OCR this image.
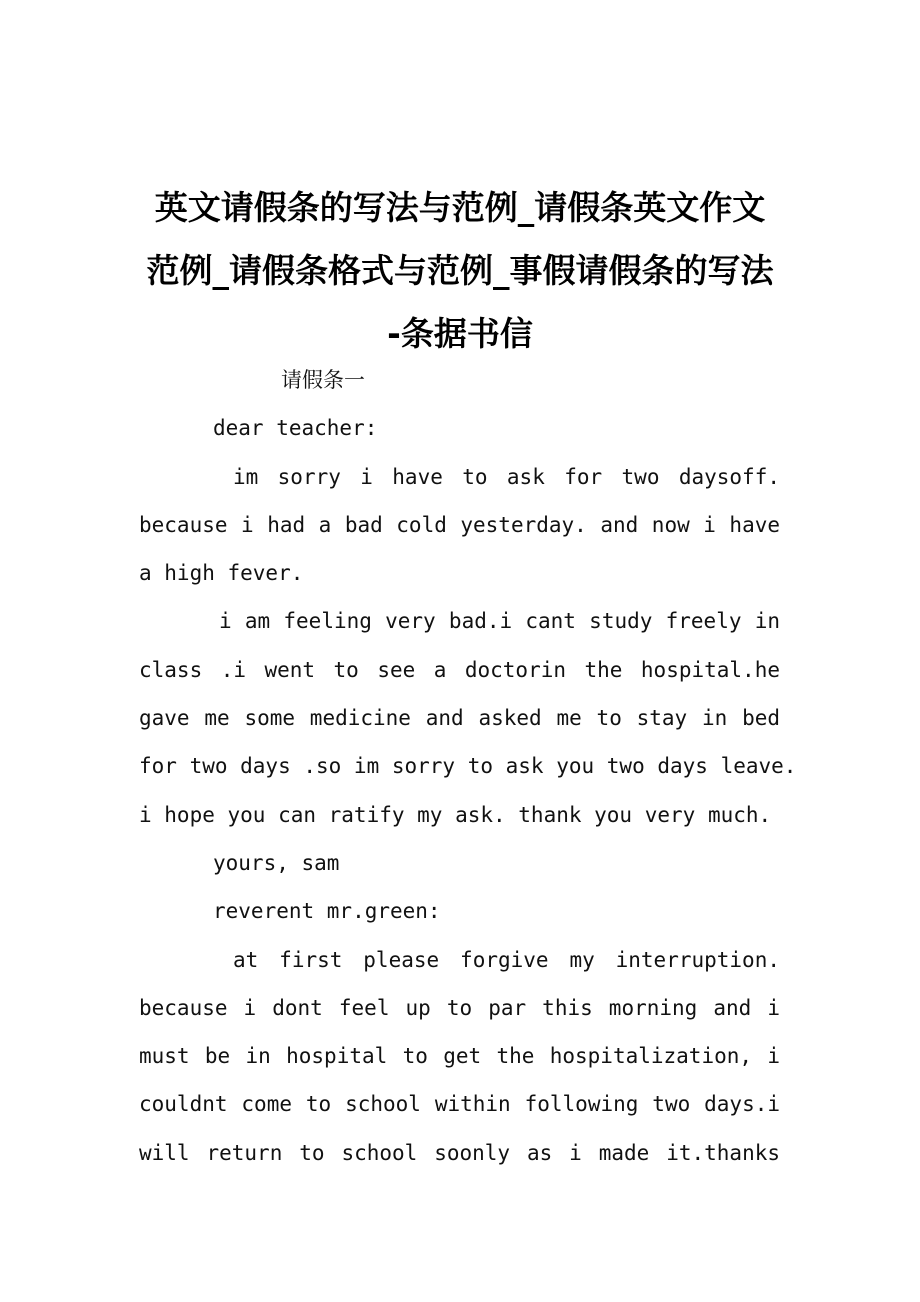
英文请假条的写法与范例_请假条英文作文
范例_请假条格式与范例_事假请假条的写法
-条据书信
请假条一
dear teacher:
im sorry i have to ask for two daysoff.
because i had a bad cold yesterday. and now i have
a high fever.
i am feeling very bad.i cant study freely in
class .i went to see a doctorin the hospital.he
gave me some medicine and asked me to stay in bed
for two days .so im sorry to ask you two days leave.
i hope you can ratify my ask. thank you very much.
yours, sam
reverent mr.green:
at first please forgive my interruption.
because i dont feel up to par this morning and i
must be in hospital to get the hospitalization, i
couldnt come to school within following two days.i
will return to school soonly as i made it.thanks
